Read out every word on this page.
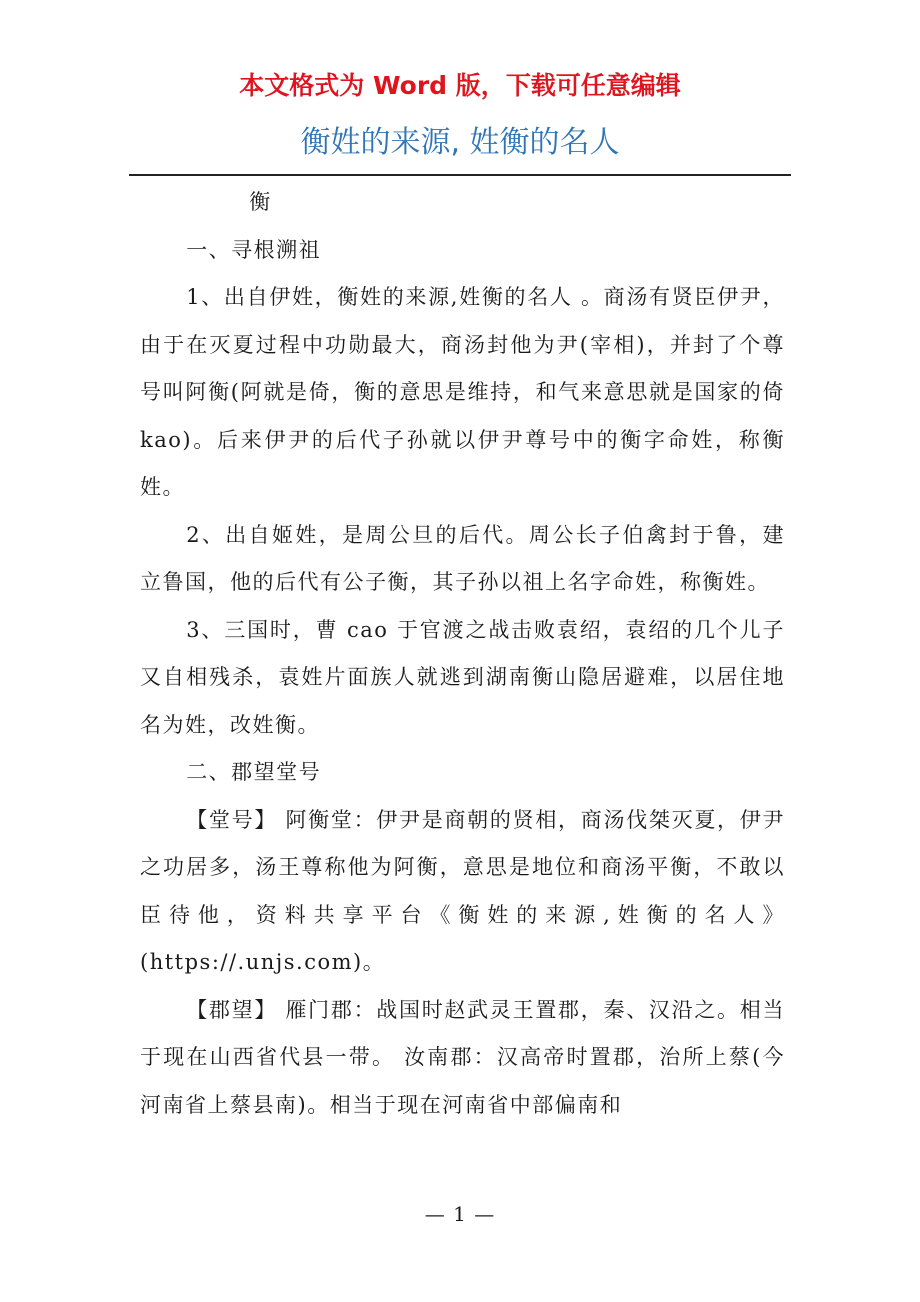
本文格式为 Word 版，下载可任意编辑
衡姓的来源, 姓衡的名人

衡

一、寻根溯祖

1、出自伊姓，衡姓的来源,姓衡的名人 。商汤有贤臣伊尹，由于在灭夏过程中功勋最大，商汤封他为尹(宰相)，并封了个尊号叫阿衡(阿就是倚，衡的意思是维持，和气来意思就是国家的倚 kao)。后来伊尹的后代子孙就以伊尹尊号中的衡字命姓，称衡姓。

2、出自姬姓，是周公旦的后代。周公长子伯禽封于鲁，建立鲁国，他的后代有公子衡，其子孙以祖上名字命姓，称衡姓。

3、三国时，曹 cao 于官渡之战击败袁绍，袁绍的几个儿子又自相残杀，袁姓片面族人就逃到湖南衡山隐居避难，以居住地名为姓，改姓衡。

二、郡望堂号

【堂号】 阿衡堂：伊尹是商朝的贤相，商汤伐桀灭夏，伊尹之功居多，汤王尊称他为阿衡，意思是地位和商汤平衡，不敢以臣待他，资料共享平台《衡姓的来源,姓衡的名人》(https://.unjs.com)。

【郡望】 雁门郡：战国时赵武灵王置郡，秦、汉沿之。相当于现在山西省代县一带。 汝南郡：汉高帝时置郡，治所上蔡(今河南省上蔡县南)。相当于现在河南省中部偏南和

— 1 —
